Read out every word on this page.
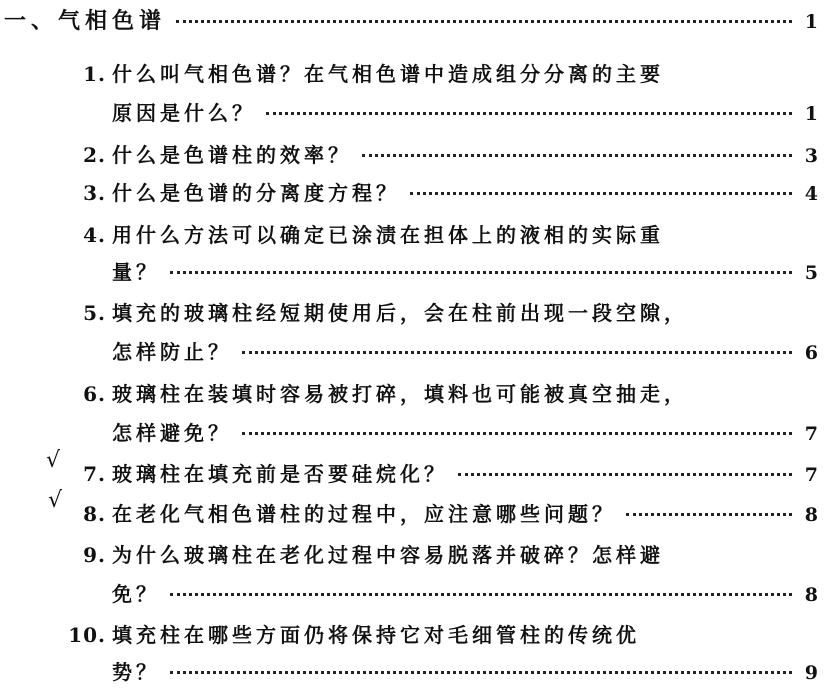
一、 气相色谱	1
1. 什么叫气相色谱？在气相色谱中造成组分分离的主要
原因是什么？	1
2. 什么是色谱柱的效率？	3
3. 什么是色谱的分离度方程？	4
4. 用什么方法可以确定已涂渍在担体上的液相的实际重
量？	5
5. 填充的玻璃柱经短期使用后，会在柱前出现一段空隙，
怎样防止？	6
6. 玻璃柱在装填时容易被打碎，填料也可能被真空抽走，
怎样避免？	7
√
7. 玻璃柱在填充前是否要硅烷化？	7
√
8. 在老化气相色谱柱的过程中，应注意哪些问题？	8
9. 为什么玻璃柱在老化过程中容易脱落并破碎？怎样避
免？	8
10. 填充柱在哪些方面仍将保持它对毛细管柱的传统优
势？	9
